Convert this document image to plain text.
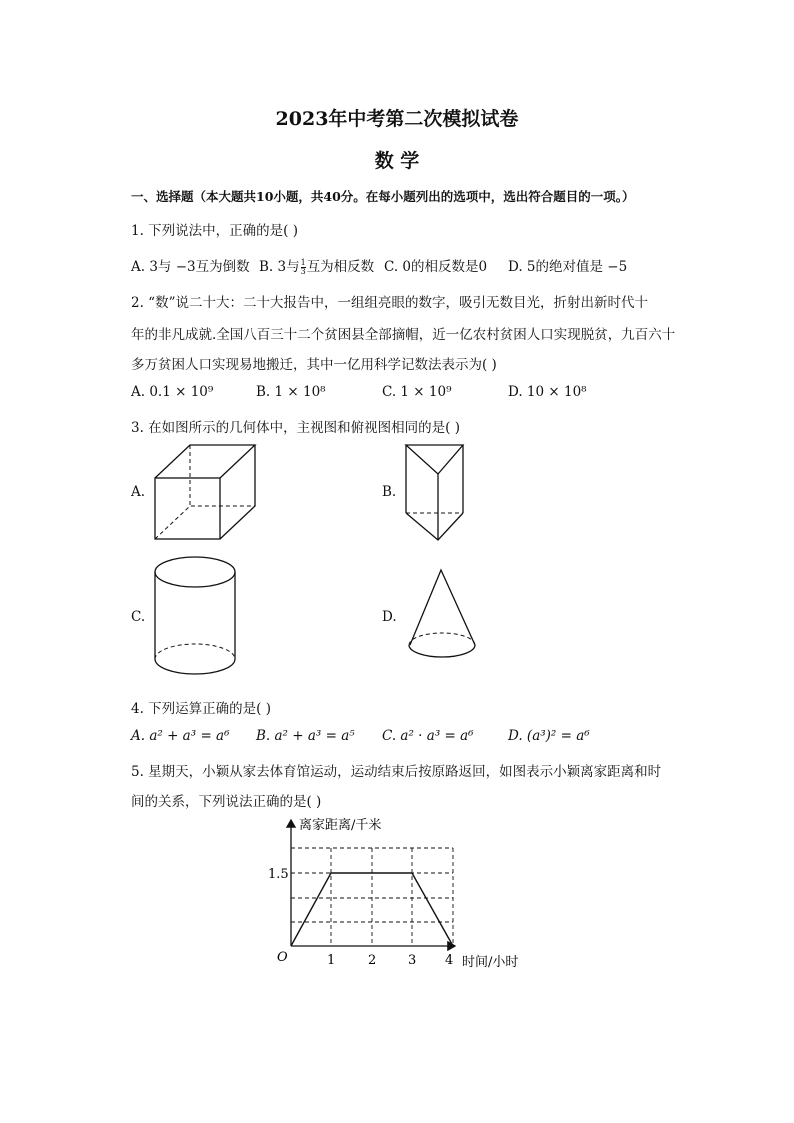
2023年中考第二次模拟试卷
数 学
一、选择题（本大题共10小题，共40分。在每小题列出的选项中，选出符合题目的一项。）
1. 下列说法中，正确的是( )
A. 3与 −3互为倒数 B. 3与 $\frac{1}{3}$ 互为相反数 C. 0的相反数是0 D. 5的绝对值是 −5
2. “数”说二十大：二十大报告中，一组组亮眼的数字，吸引无数目光，折射出新时代十
年的非凡成就.全国八百三十二个贫困县全部摘帽，近一亿农村贫困人口实现脱贫，九百六十
多万贫困人口实现易地搬迁，其中一亿用科学记数法表示为( )
A. 0.1 × 10⁹	B. 1 × 10⁸	C. 1 × 10⁹	D. 10 × 10⁸
3. 在如图所示的几何体中，主视图和俯视图相同的是( )
A.	B.
C.	D.
4. 下列运算正确的是( )
A. a² + a³ = a⁶ B. a² + a³ = a⁵ C. a² · a³ = a⁶	D. (a³)² = a⁶
5. 星期天，小颖从家去体育馆运动，运动结束后按原路返回，如图表示小颖离家距离和时
间的关系，下列说法正确的是( )
离家距离/千米
时间/小时
O
1.5
1	2 3 4
